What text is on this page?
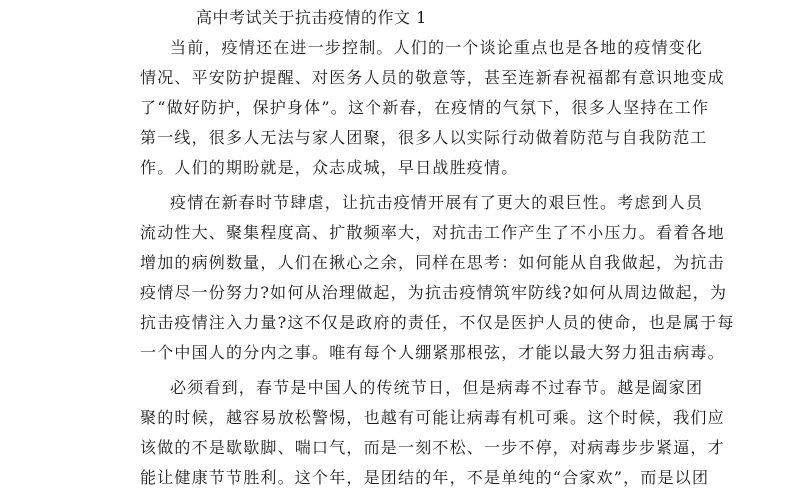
高中考试关于抗击疫情的作文 1
当前，疫情还在进一步控制。人们的一个谈论重点也是各地的疫情变化
情况、平安防护提醒、对医务人员的敬意等，甚至连新春祝福都有意识地变成
了“做好防护，保护身体”。这个新春，在疫情的气氛下，很多人坚持在工作
第一线，很多人无法与家人团聚，很多人以实际行动做着防范与自我防范工
作。人们的期盼就是，众志成城，早日战胜疫情。
疫情在新春时节肆虐，让抗击疫情开展有了更大的艰巨性。考虑到人员
流动性大、聚集程度高、扩散频率大，对抗击工作产生了不小压力。看着各地
增加的病例数量，人们在揪心之余，同样在思考：如何能从自我做起，为抗击
疫情尽一份努力?如何从治理做起，为抗击疫情筑牢防线?如何从周边做起，为
抗击疫情注入力量?这不仅是政府的责任，不仅是医护人员的使命，也是属于每
一个中国人的分内之事。唯有每个人绷紧那根弦，才能以最大努力狙击病毒。
必须看到，春节是中国人的传统节日，但是病毒不过春节。越是阖家团
聚的时候，越容易放松警惕，也越有可能让病毒有机可乘。这个时候，我们应
该做的不是歇歇脚、喘口气，而是一刻不松、一步不停，对病毒步步紧逼，才
能让健康节节胜利。这个年，是团结的年，不是单纯的“合家欢”，而是以团
